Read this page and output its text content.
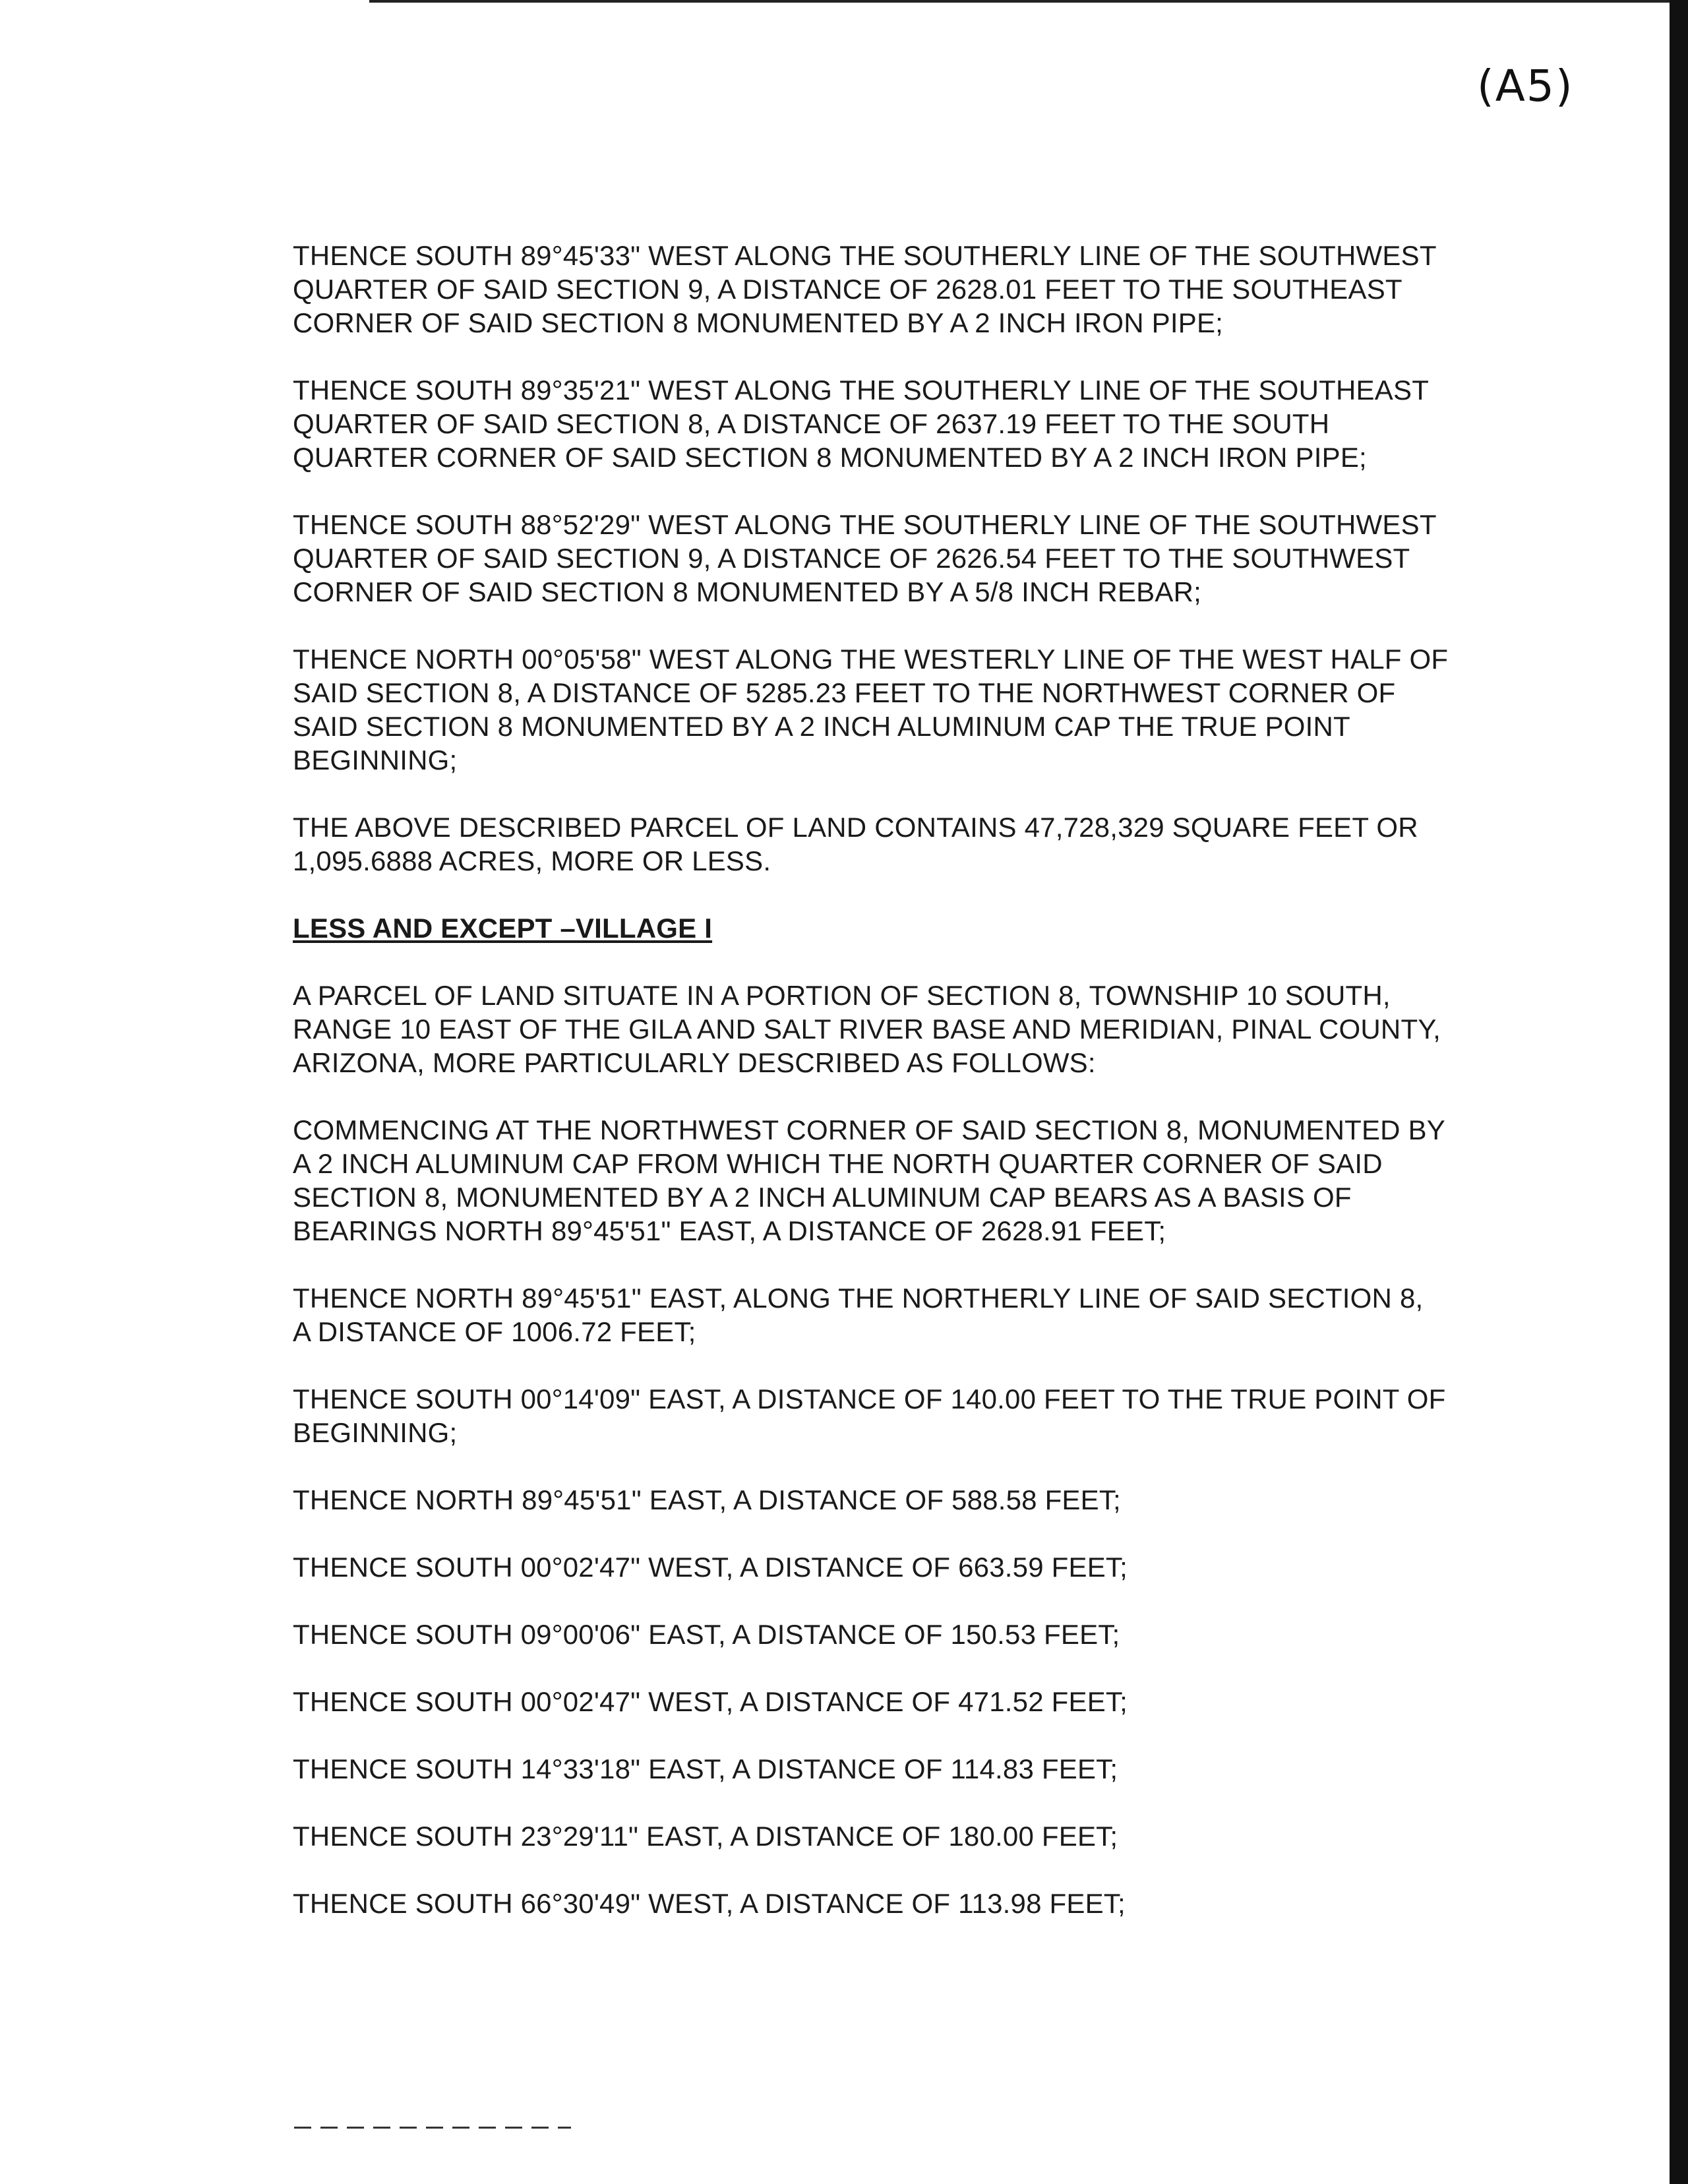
(A5)

THENCE SOUTH 89°45'33" WEST ALONG THE SOUTHERLY LINE OF THE SOUTHWEST
QUARTER OF SAID SECTION 9, A DISTANCE OF 2628.01 FEET TO THE SOUTHEAST
CORNER OF SAID SECTION 8 MONUMENTED BY A 2 INCH IRON PIPE;

THENCE SOUTH 89°35'21" WEST ALONG THE SOUTHERLY LINE OF THE SOUTHEAST
QUARTER OF SAID SECTION 8, A DISTANCE OF 2637.19 FEET TO THE SOUTH
QUARTER CORNER OF SAID SECTION 8 MONUMENTED BY A 2 INCH IRON PIPE;

THENCE SOUTH 88°52'29" WEST ALONG THE SOUTHERLY LINE OF THE SOUTHWEST
QUARTER OF SAID SECTION 9, A DISTANCE OF 2626.54 FEET TO THE SOUTHWEST
CORNER OF SAID SECTION 8 MONUMENTED BY A 5/8 INCH REBAR;

THENCE NORTH 00°05'58" WEST ALONG THE WESTERLY LINE OF THE WEST HALF OF
SAID SECTION 8, A DISTANCE OF 5285.23 FEET TO THE NORTHWEST CORNER OF
SAID SECTION 8 MONUMENTED BY A 2 INCH ALUMINUM CAP THE TRUE POINT
BEGINNING;

THE ABOVE DESCRIBED PARCEL OF LAND CONTAINS 47,728,329 SQUARE FEET OR
1,095.6888 ACRES, MORE OR LESS.

LESS AND EXCEPT –VILLAGE I

A PARCEL OF LAND SITUATE IN A PORTION OF SECTION 8, TOWNSHIP 10 SOUTH,
RANGE 10 EAST OF THE GILA AND SALT RIVER BASE AND MERIDIAN, PINAL COUNTY,
ARIZONA, MORE PARTICULARLY DESCRIBED AS FOLLOWS:

COMMENCING AT THE NORTHWEST CORNER OF SAID SECTION 8, MONUMENTED BY
A 2 INCH ALUMINUM CAP FROM WHICH THE NORTH QUARTER CORNER OF SAID
SECTION 8, MONUMENTED BY A 2 INCH ALUMINUM CAP BEARS AS A BASIS OF
BEARINGS NORTH 89°45'51" EAST, A DISTANCE OF 2628.91 FEET;

THENCE NORTH 89°45'51" EAST, ALONG THE NORTHERLY LINE OF SAID SECTION 8,
A DISTANCE OF 1006.72 FEET;

THENCE SOUTH 00°14'09" EAST, A DISTANCE OF 140.00 FEET TO THE TRUE POINT OF
BEGINNING;

THENCE NORTH 89°45'51" EAST, A DISTANCE OF 588.58 FEET;

THENCE SOUTH 00°02'47" WEST, A DISTANCE OF 663.59 FEET;

THENCE SOUTH 09°00'06" EAST, A DISTANCE OF 150.53 FEET;

THENCE SOUTH 00°02'47" WEST, A DISTANCE OF 471.52 FEET;

THENCE SOUTH 14°33'18" EAST, A DISTANCE OF 114.83 FEET;

THENCE SOUTH 23°29'11" EAST, A DISTANCE OF 180.00 FEET;

THENCE SOUTH 66°30'49" WEST, A DISTANCE OF 113.98 FEET;
